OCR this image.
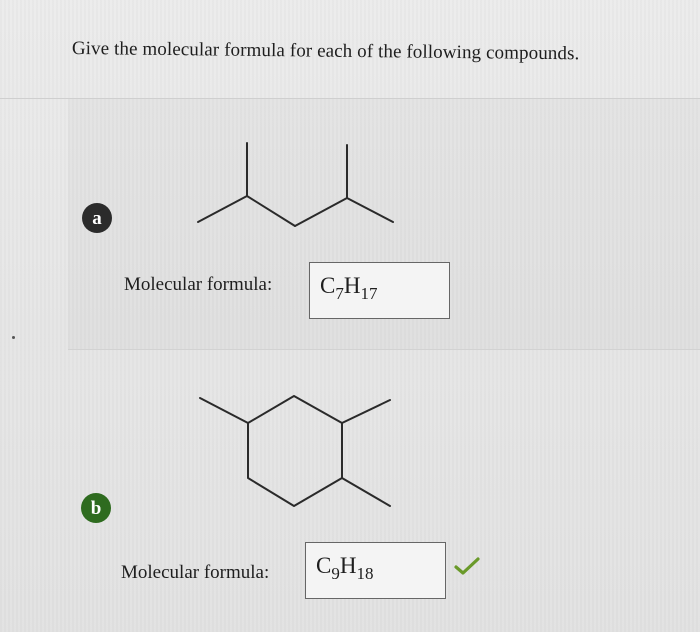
Give the molecular formula for each of the following compounds.
a
Molecular formula:	$C_7H_{17}$
b
Molecular formula:	$C_9H_{18}$
